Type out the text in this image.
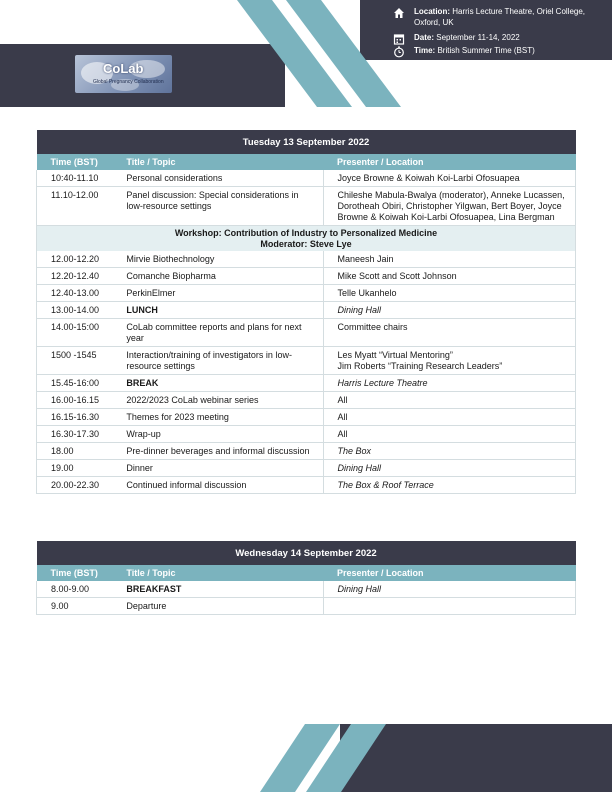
CoLab
Global Pregnancy Collaboration
Location: Harris Lecture Theatre, Oriel College, Oxford, UK
Date: September 11-14, 2022
Time: British Summer Time (BST)
Tuesday 13 September 2022		
Time (BST)	Title / Topic	Presenter / Location
10:40-11.10	Personal considerations	Joyce Browne & Koiwah Koi-Larbi Ofosuapea
11.10-12.00	Panel discussion: Special considerations in low-resource settings	Chileshe Mabula-Bwalya (moderator), Anneke Lucassen, Dorotheah Obiri, Christopher Yilgwan, Bert Boyer, Joyce Browne & Koiwah Koi-Larbi Ofosuapea, Lina Bergman

Workshop: Contribution of Industry to Personalized Medicine
Moderator: Steve Lye		

12.00-12.20	Mirvie Biothechnology	Maneesh Jain
12.20-12.40	Comanche Biopharma	Mike Scott and Scott Johnson
12.40-13.00	PerkinElmer	Telle Ukanhelo
13.00-14.00	LUNCH	Dining Hall
14.00-15:00	CoLab committee reports and plans for next year	Committee chairs
1500 -1545	Interaction/training of investigators in low-resource settings	Les Myatt “Virtual Mentoring”
Jim Roberts “Training Research Leaders”

15.45-16:00	BREAK	Harris Lecture Theatre
16.00-16.15	2022/2023 CoLab webinar series	All
16.15-16.30	Themes for 2023 meeting	All
16.30-17.30	Wrap-up	All
18.00	Pre-dinner beverages and informal discussion	The Box
19.00	Dinner	Dining Hall
20.00-22.30	Continued informal discussion	The Box & Roof Terrace
Wednesday 14 September 2022		
Time (BST)	Title / Topic	Presenter / Location
8.00-9.00	BREAKFAST	Dining Hall
9.00	Departure	
